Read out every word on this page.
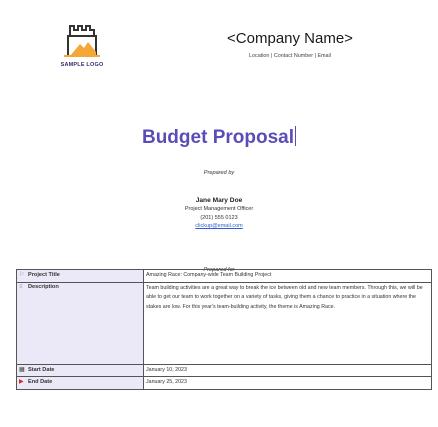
SAMPLE LOGO
<Company Name>
Location | Contact Number | Email
Budget Proposal
Prepared by
Jane Mary Doe
Project Management Officer
(201) 555 0123
clickup@email.com
Prepared for
⚐ Project Title	Amazing Race: Company-wide Team Building Project
≡ Description	Team building activities are a great way to break the ice between old and new team members. Through this, we will be able to get our team to work together on a variety of tasks, giving them a chance to practice in a situation where the stakes are low. For this year's team-building activity, the theme is Amazing Race.
▦ Start Date	January 10, 2023
▶ End Date	January 25, 2023
